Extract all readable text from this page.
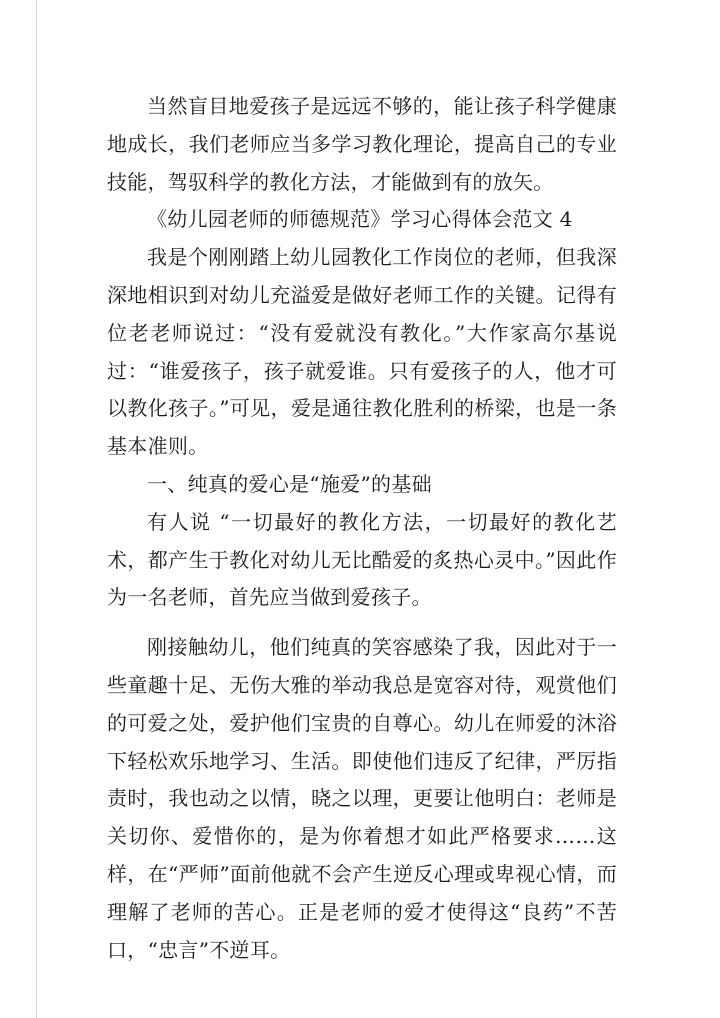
当然盲目地爱孩子是远远不够的，能让孩子科学健康地成长，我们老师应当多学习教化理论，提高自己的专业技能，驾驭科学的教化方法，才能做到有的放矢。

《幼儿园老师的师德规范》学习心得体会范文 4

我是个刚刚踏上幼儿园教化工作岗位的老师，但我深深地相识到对幼儿充溢爱是做好老师工作的关键。记得有位老老师说过：“没有爱就没有教化。”大作家高尔基说过：“谁爱孩子，孩子就爱谁。只有爱孩子的人，他才可以教化孩子。”可见，爱是通往教化胜利的桥梁，也是一条基本准则。

一、纯真的爱心是“施爱”的基础

有人说 “一切最好的教化方法，一切最好的教化艺术，都产生于教化对幼儿无比酷爱的炙热心灵中。”因此作为一名老师，首先应当做到爱孩子。

刚接触幼儿，他们纯真的笑容感染了我，因此对于一些童趣十足、无伤大雅的举动我总是宽容对待，观赏他们的可爱之处，爱护他们宝贵的自尊心。幼儿在师爱的沐浴下轻松欢乐地学习、生活。即使他们违反了纪律，严厉指责时，我也动之以情，晓之以理，更要让他明白：老师是关切你、爱惜你的，是为你着想才如此严格要求……这样，在“严师”面前他就不会产生逆反心理或卑视心情，而理解了老师的苦心。正是老师的爱才使得这“良药”不苦口，“忠言”不逆耳。
